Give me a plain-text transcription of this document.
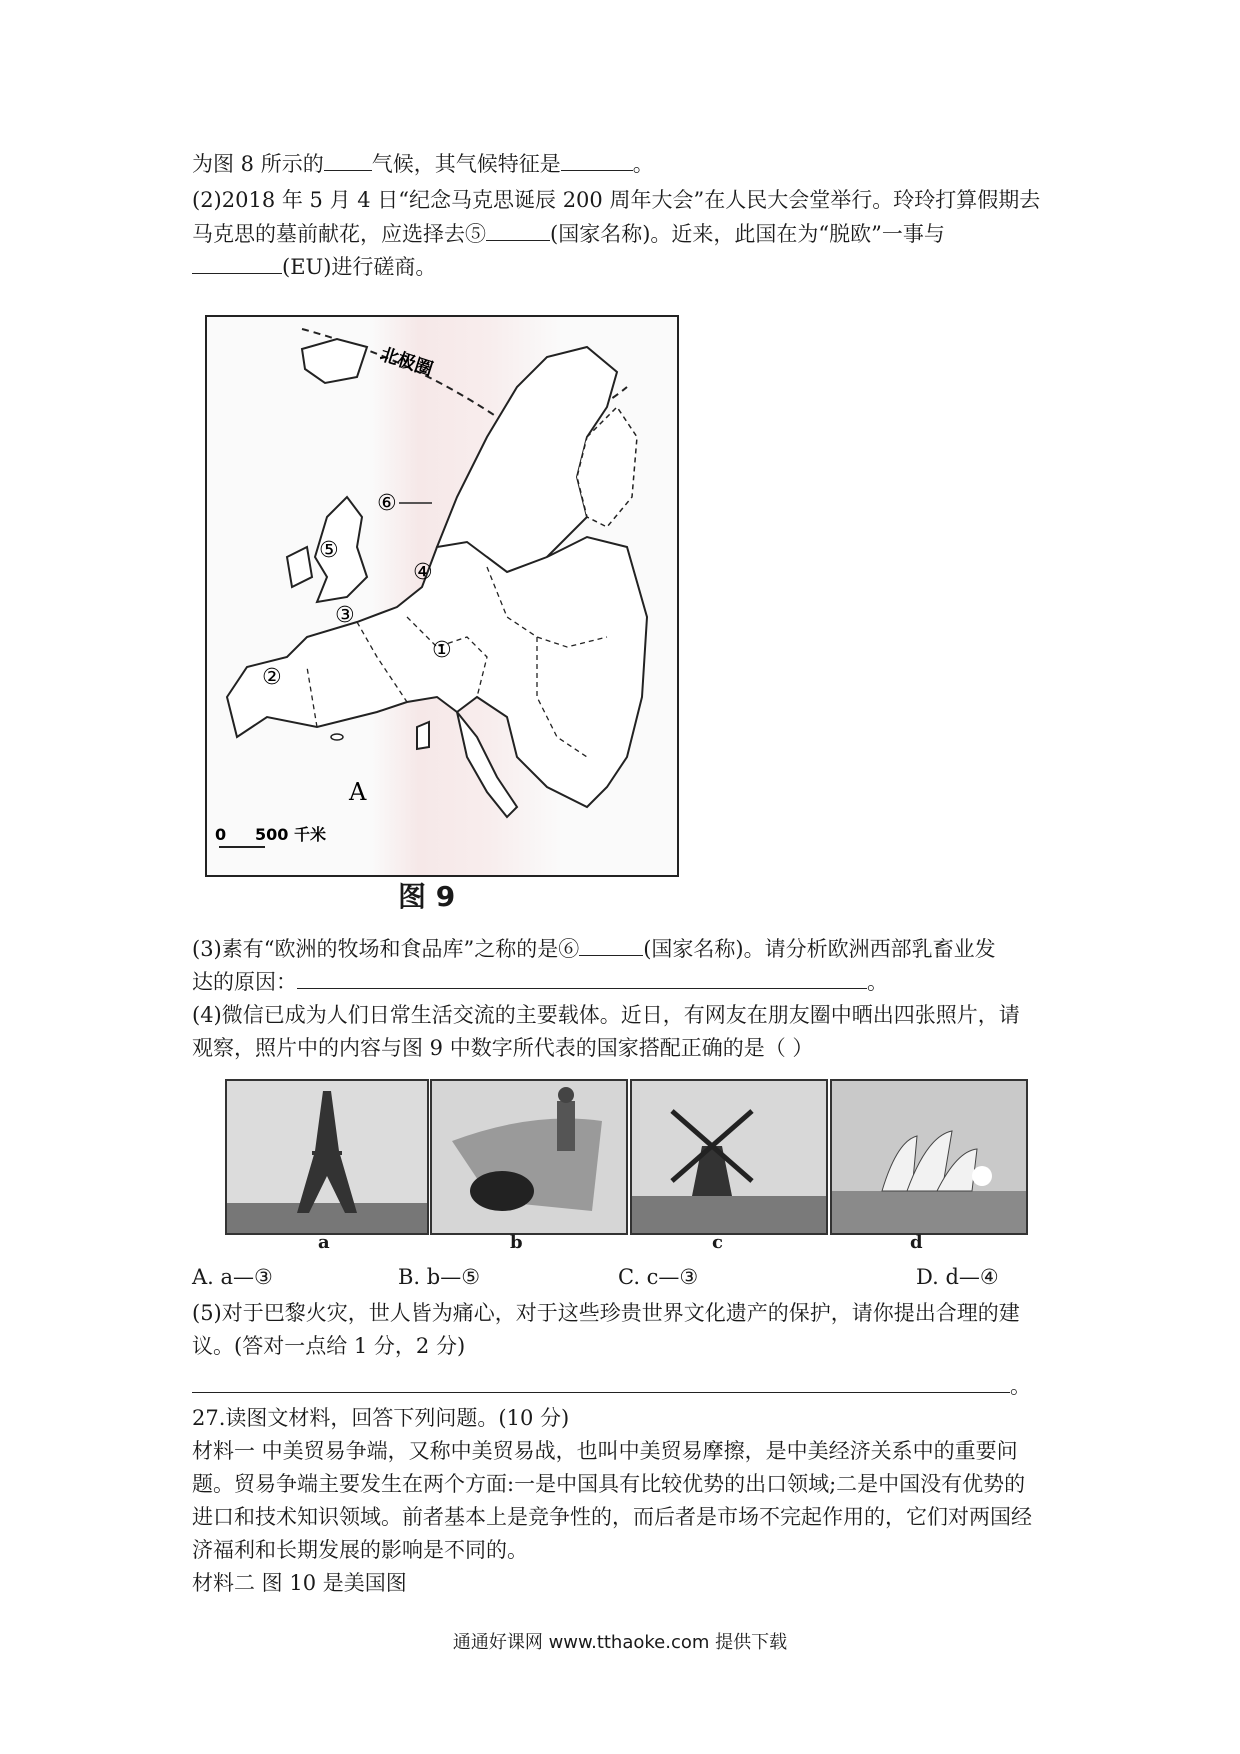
为图 8 所示的 气候，其气候特征是	。
(2)2018 年 5 月 4 日“纪念马克思诞辰 200 周年大会”在人民大会堂举行。玲玲打算假期去
马克思的墓前献花，应选择去⑤	(国家名称)。近来，此国在为“脱欧”一事与
(EU)进行磋商。
①
②
③
④
⑤
⑥
北极圈
A
0 500 千米
图 9
(3)素有“欧洲的牧场和食品库”之称的是⑥	(国家名称)。请分析欧洲西部乳畜业发
达的原因：	。
(4)微信已成为人们日常生活交流的主要载体。近日，有网友在朋友圈中晒出四张照片，请
观察，照片中的内容与图 9 中数字所代表的国家搭配正确的是（ ）
a	b	c	d
A. a—③	B. b—⑤	C. c—③	D. d—④
(5)对于巴黎火灾，世人皆为痛心，对于这些珍贵世界文化遗产的保护，请你提出合理的建
议。(答对一点给 1 分，2 分)
。
27.读图文材料，回答下列问题。(10 分)
材料一 中美贸易争端，又称中美贸易战，也叫中美贸易摩擦，是中美经济关系中的重要问
题。贸易争端主要发生在两个方面:一是中国具有比较优势的出口领域;二是中国没有优势的
进口和技术知识领域。前者基本上是竞争性的，而后者是市场不完起作用的，它们对两国经
济福利和长期发展的影响是不同的。
材料二 图 10 是美国图
通通好课网 www.tthaoke.com 提供下载
